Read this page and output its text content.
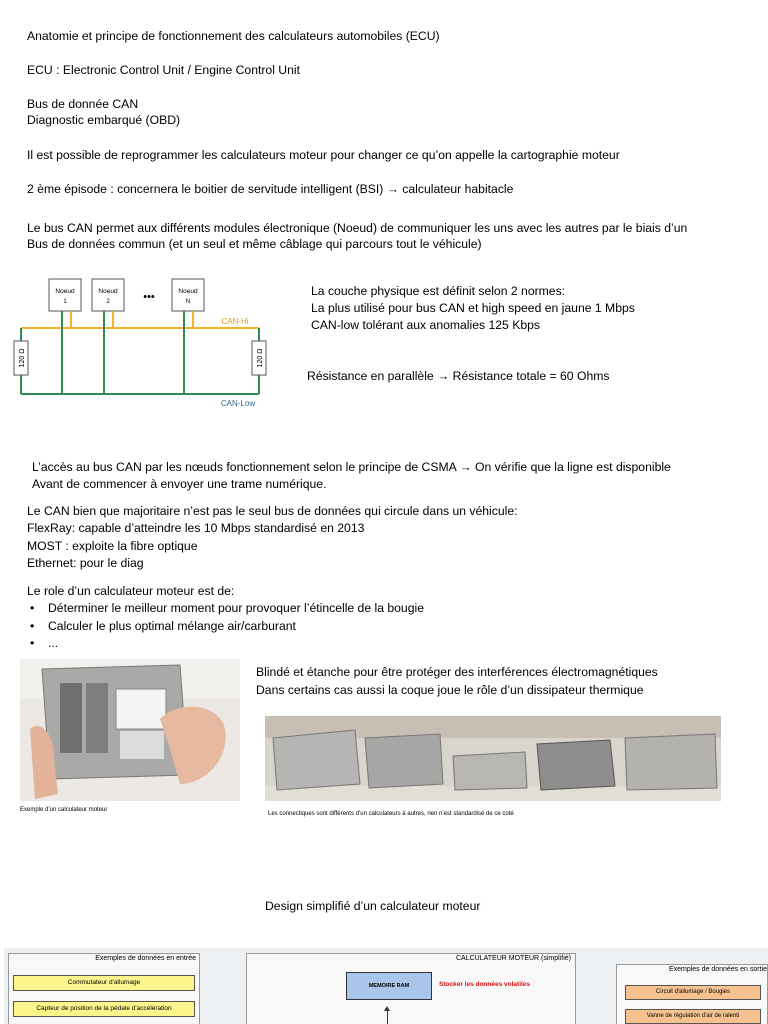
Anatomie et principe de fonctionnement des calculateurs automobiles (ECU)
ECU : Electronic Control Unit / Engine Control Unit
Bus de donnée CAN
Diagnostic embarqué (OBD)
Il est possible de reprogrammer les calculateurs moteur pour changer ce qu’on appelle la cartographie moteur
2 ème épisode : concernera le boitier de servitude intelligent (BSI) → calculateur habitacle
Le bus CAN permet aux différents modules électronique (Noeud) de communiquer les uns avec les autres par le biais d’un
Bus de données commun (et un seul et même câblage qui parcours tout le véhicule)
120 Ω	120 Ω
Noeud
1
Noeud
2	•••	Noeud
N
CAN-Hi
CAN-Low
La couche physique est définit selon 2 normes:
La plus utilisé pour bus CAN et high speed en jaune 1 Mbps
CAN-low tolérant aux anomalies 125 Kbps
Résistance en parallèle → Résistance totale = 60 Ohms
L’accès au bus CAN par les nœuds fonctionnement selon le principe de CSMA → On vérifie que la ligne est disponible
Avant de commencer à envoyer une trame numérique.
Le CAN bien que majoritaire n’est pas le seul bus de données qui circule dans un véhicule:
FlexRay: capable d’atteindre les 10 Mbps standardisé en 2013
MOST : exploite la fibre optique
Ethernet: pour le diag
Le role d’un calculateur moteur est de:
• Déterminer le meilleur moment pour provoquer l’étincelle de la bougie
• Calculer le plus optimal mélange air/carburant
• ...
Exemple d’un calculateur moteur
Blindé et étanche pour être protéger des interférences électromagnétiques
Dans certains cas aussi la coque joue le rôle d’un dissipateur thermique
Les connectiques sont différents d’un calculateurs à autres, rien n’est standardisé de ce coté
Design simplifié d’un calculateur moteur
Exemples de données en entrée
Commutateur d'allumage
Capteur de position de la pédale d'accélération
CALCULATEUR MOTEUR (simplifié)
MEMOIRE RAM	Stocker les données volatiles
Exemples de données en sortie
Circuit d'allumage / Bougies
Vanne de régulation d'air de ralenti
